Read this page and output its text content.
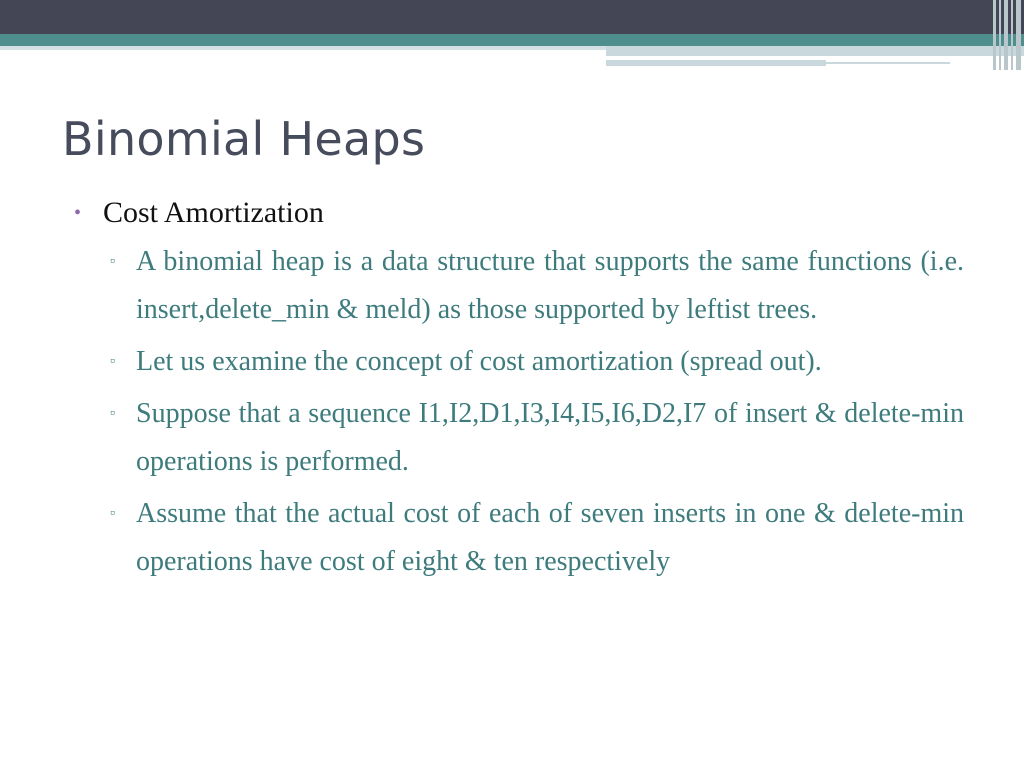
Binomial Heaps
• Cost Amortization
▫ A binomial heap is a data structure that supports the same functions (i.e. insert,delete_min & meld) as those supported by leftist trees.
▫ Let us examine the concept of cost amortization (spread out).
▫ Suppose that a sequence I1,I2,D1,I3,I4,I5,I6,D2,I7 of insert & delete-min operations is performed.
▫ Assume that the actual cost of each of seven inserts in one & delete-min operations have cost of eight & ten respectively
